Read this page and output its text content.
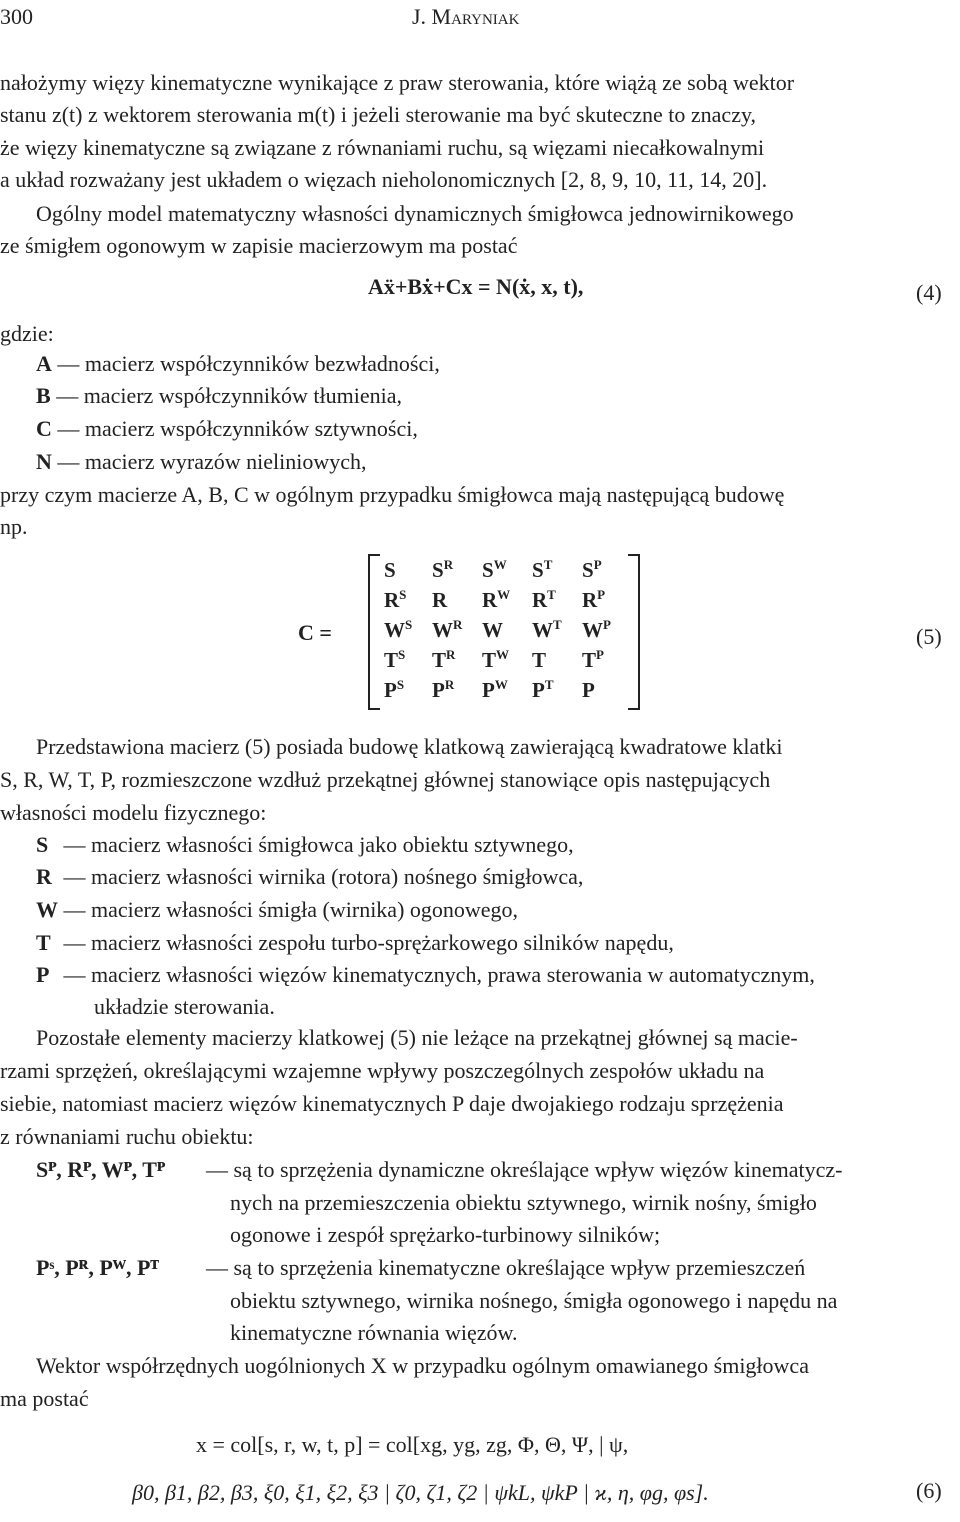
300	J. Maryniak
nałożymy więzy kinematyczne wynikające z praw sterowania, które wiążą ze sobą wektor
stanu z(t) z wektorem sterowania m(t) i jeżeli sterowanie ma być skuteczne to znaczy,
że więzy kinematyczne są związane z równaniami ruchu, są więzami niecałkowalnymi
a układ rozważany jest układem o więzach nieholonomicznych [2, 8, 9, 10, 11, 14, 20].
Ogólny model matematyczny własności dynamicznych śmigłowca jednowirnikowego
ze śmigłem ogonowym w zapisie macierzowym ma postać
Aẍ+Bẋ+Cx = N(ẋ, x, t),	(4)
gdzie:
A — macierz współczynników bezwładności,
B — macierz współczynników tłumienia,
C — macierz współczynników sztywności,
N — macierz wyrazów nieliniowych,
przy czym macierze A, B, C w ogólnym przypadku śmigłowca mają następującą budowę
np.
C =
S $S^R$ $S^W$ $S^T$ $S^P$
$R^S$ R $R^W$ $R^T$ $R^P$
$W^S$ $W^R$ W $W^T$ $W^P$
$T^S$ $T^R$ $T^W$ T $T^P$
$P^S$ $P^R$ $P^W$ $P^T$ P
(5)
Przedstawiona macierz (5) posiada budowę klatkową zawierającą kwadratowe klatki
S, R, W, T, P, rozmieszczone wzdłuż przekątnej głównej stanowiące opis następujących
własności modelu fizycznego:
S — macierz własności śmigłowca jako obiektu sztywnego,
R — macierz własności wirnika (rotora) nośnego śmigłowca,
W — macierz własności śmigła (wirnika) ogonowego,
T — macierz własności zespołu turbo-sprężarkowego silników napędu,
P — macierz własności więzów kinematycznych, prawa sterowania w automatycznym,
układzie sterowania.
Pozostałe elementy macierzy klatkowej (5) nie leżące na przekątnej głównej są macie-
rzami sprzężeń, określającymi wzajemne wpływy poszczególnych zespołów układu na
siebie, natomiast macierz więzów kinematycznych P daje dwojakiego rodzaju sprzężenia
z równaniami ruchu obiektu:
Sᴾ, Rᴾ, Wᴾ, Tᴾ — są to sprzężenia dynamiczne określające wpływ więzów kinematycz-
nych na przemieszczenia obiektu sztywnego, wirnik nośny, śmigło
ogonowe i zespół sprężarko-turbinowy silników;
Pˢ, Pᴿ, Pᵂ, Pᵀ — są to sprzężenia kinematyczne określające wpływ przemieszczeń
obiektu sztywnego, wirnika nośnego, śmigła ogonowego i napędu na
kinematyczne równania więzów.
Wektor współrzędnych uogólnionych X w przypadku ogólnym omawianego śmigłowca
ma postać
x = col[s, r, w, t, p] = col[xg, yg, zg, Φ, Θ, Ψ, | ψ,
β0, β1, β2, β3, ξ0, ξ1, ξ2, ξ3 | ζ0, ζ1, ζ2 | ψkL, ψkP | ϰ, η, φg, φs].	(6)
